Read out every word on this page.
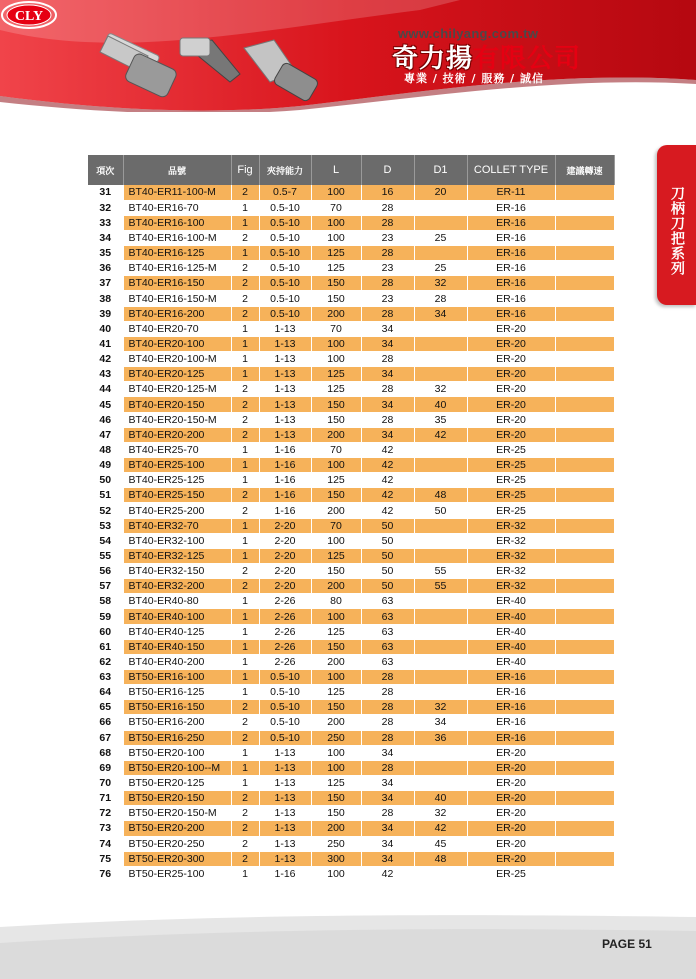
www.chilyang.com.tw
CLY
奇力揚有限公司
專業 / 技術 / 服務 / 誠信
刀柄刀把系列
項次	品號	Fig	夾持能力	L	D	D1	COLLET TYPE	建議轉速
31	BT40-ER11-100-M	2	0.5-7	100	16	20	ER-11	
32	BT40-ER16-70	1	0.5-10	70	28		ER-16	
33	BT40-ER16-100	1	0.5-10	100	28		ER-16	
34	BT40-ER16-100-M	2	0.5-10	100	23	25	ER-16	
35	BT40-ER16-125	1	0.5-10	125	28		ER-16	
36	BT40-ER16-125-M	2	0.5-10	125	23	25	ER-16	
37	BT40-ER16-150	2	0.5-10	150	28	32	ER-16	
38	BT40-ER16-150-M	2	0.5-10	150	23	28	ER-16	
39	BT40-ER16-200	2	0.5-10	200	28	34	ER-16	
40	BT40-ER20-70	1	1-13	70	34		ER-20	
41	BT40-ER20-100	1	1-13	100	34		ER-20	
42	BT40-ER20-100-M	1	1-13	100	28		ER-20	
43	BT40-ER20-125	1	1-13	125	34		ER-20	
44	BT40-ER20-125-M	2	1-13	125	28	32	ER-20	
45	BT40-ER20-150	2	1-13	150	34	40	ER-20	
46	BT40-ER20-150-M	2	1-13	150	28	35	ER-20	
47	BT40-ER20-200	2	1-13	200	34	42	ER-20	
48	BT40-ER25-70	1	1-16	70	42		ER-25	
49	BT40-ER25-100	1	1-16	100	42		ER-25	
50	BT40-ER25-125	1	1-16	125	42		ER-25	
51	BT40-ER25-150	2	1-16	150	42	48	ER-25	
52	BT40-ER25-200	2	1-16	200	42	50	ER-25	
53	BT40-ER32-70	1	2-20	70	50		ER-32	
54	BT40-ER32-100	1	2-20	100	50		ER-32	
55	BT40-ER32-125	1	2-20	125	50		ER-32	
56	BT40-ER32-150	2	2-20	150	50	55	ER-32	
57	BT40-ER32-200	2	2-20	200	50	55	ER-32	
58	BT40-ER40-80	1	2-26	80	63		ER-40	
59	BT40-ER40-100	1	2-26	100	63		ER-40	
60	BT40-ER40-125	1	2-26	125	63		ER-40	
61	BT40-ER40-150	1	2-26	150	63		ER-40	
62	BT40-ER40-200	1	2-26	200	63		ER-40	
63	BT50-ER16-100	1	0.5-10	100	28		ER-16	
64	BT50-ER16-125	1	0.5-10	125	28		ER-16	
65	BT50-ER16-150	2	0.5-10	150	28	32	ER-16	
66	BT50-ER16-200	2	0.5-10	200	28	34	ER-16	
67	BT50-ER16-250	2	0.5-10	250	28	36	ER-16	
68	BT50-ER20-100	1	1-13	100	34		ER-20	
69	BT50-ER20-100--M	1	1-13	100	28		ER-20	
70	BT50-ER20-125	1	1-13	125	34		ER-20	
71	BT50-ER20-150	2	1-13	150	34	40	ER-20	
72	BT50-ER20-150-M	2	1-13	150	28	32	ER-20	
73	BT50-ER20-200	2	1-13	200	34	42	ER-20	
74	BT50-ER20-250	2	1-13	250	34	45	ER-20	
75	BT50-ER20-300	2	1-13	300	34	48	ER-20	
76	BT50-ER25-100	1	1-16	100	42		ER-25	
PAGE 51
